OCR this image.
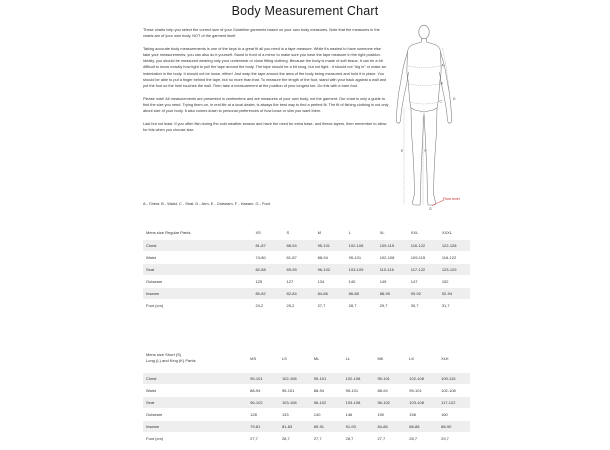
Body Measurement Chart

These charts help you select the correct size of your Guideline garments based on your own body measures. Note that the measures in the charts are of your own body, NOT of the garment itself.

Taking accurate body measurements is one of the keys to a great fit all you need is a tape measure. While it's easiest to have someone else take your measurements, you can also do it yourself. Stand in front of a mirror to make sure you have the tape measure in the right position. Ideally, you should be measured wearing only your underwear or close fitting clothing. Because the body is made of soft tissue, it can be a bit difficult to know exactly how tight to pull the tape around the body. The tape should be a bit snug, but not tight - it should not "dig in" or make an indentation in the body. It should not be loose, either! Just wrap the tape around the area of the body being measured and hold it in place. You should be able to put a finger behind the tape, but no more than that. To measure the length of the foot, stand with your back against a wall and put the foot so the heel touches the wall. Then take a measurement at the position of your longest toe. Do this with a bare foot.

Please note! All measurements are presented in centimeters and are measures of your own body, not the garment. Our chart is only a guide to find the size you need. Trying them on, in real life at a local dealer, is always the best way to find a perfect fit. The fit of fishing clothing is not only about size of your body. It also comes down to personal preferences of how loose or slim you want them.

Last but not least. If you often fish during the cold weather season and have the need for extra base- and fleece-layers, then remember to allow for this when you choose size.

A
B
C
D
E	F
G
Floor level
A - Chest. B - Waist. C - Seat. D - Arm. E - Outseam. F - Inseam. G - Foot.
Mens size Regular Pants	XS	S	M	L	XL	XXL	XXXL
Chest	81-87	88-94	95-101	102-108	109-115	116-122	122-128
Waist	74-80	81-87	88-94	95-101	102-108	109-115	116-122
Seat	82-88	89-95	96-102	103-109	110-116	117-122	123-129
Outseam	125	127	134	140	145	147	152
Inseam	80-82	82-84	84-86	86-88	88-90	90-92	92-94
Foot (cm)	24,2	25,2	27,7	28,7	29,7	30,7	31,7
Mens size Short (S)
Long (L) and King (K) Pants	MS	LS	ML	LL	MK	LK	XLK
Chest	95-101	102-108	95-101	102-108	95-101	102-108	109-115
Waist	88-94	95-101	88-94	95-101	88-94	95-101	102-108
Seat	96-102	103-108	96-102	103-108	96-102	103-108	117-122
Outseam	128	133	140	146	150	156	160
Inseam	79-81	81-83	89-91	91-93	84-86	86-88	88-90
Foot (cm)	27,7	28,7	27,7	28,7	27,7	28,7	29,7
